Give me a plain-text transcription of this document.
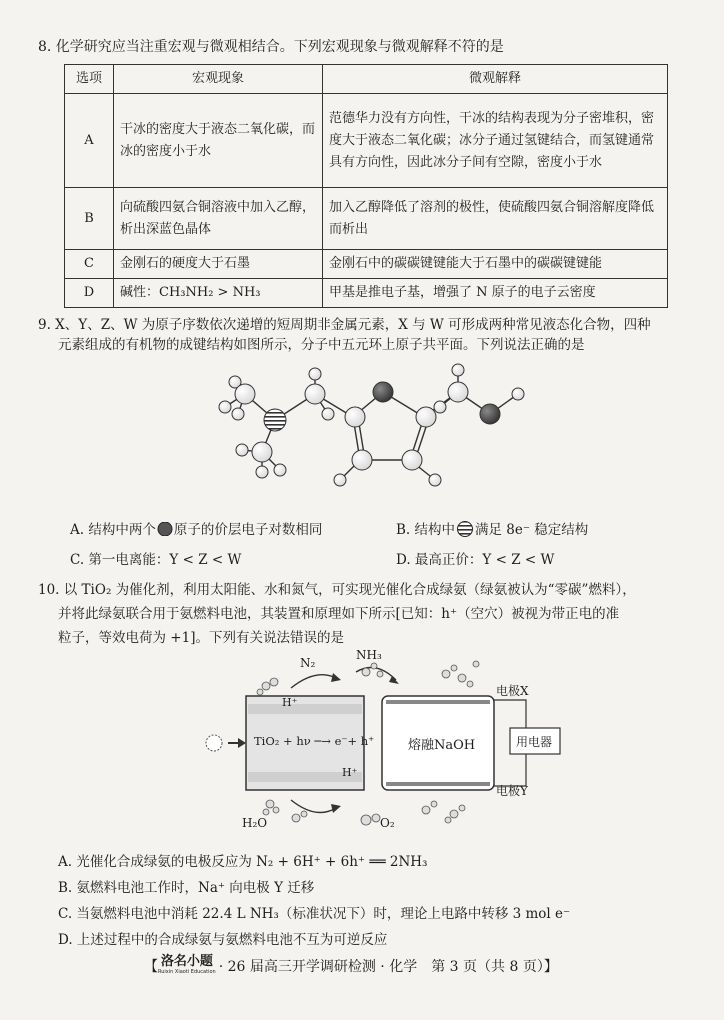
8. 化学研究应当注重宏观与微观相结合。下列宏观现象与微观解释不符的是
选项	宏观现象	微观解释
A	干冰的密度大于液态二氧化碳，而冰的密度小于水	范德华力没有方向性，干冰的结构表现为分子密堆积，密度大于液态二氧化碳；冰分子通过氢键结合，而氢键通常具有方向性，因此冰分子间有空隙，密度小于水
B	向硫酸四氨合铜溶液中加入乙醇，析出深蓝色晶体	加入乙醇降低了溶剂的极性，使硫酸四氨合铜溶解度降低而析出
C	金刚石的硬度大于石墨	金刚石中的碳碳键键能大于石墨中的碳碳键键能
D	碱性：CH₃NH₂ > NH₃	甲基是推电子基，增强了 N 原子的电子云密度
9. X、Y、Z、W 为原子序数依次递增的短周期非金属元素，X 与 W 可形成两种常见液态化合物，四种
元素组成的有机物的成键结构如图所示，分子中五元环上原子共平面。下列说法正确的是
A. 结构中两个 原子的价层电子对数相同	B. 结构中 满足 8e⁻ 稳定结构
C. 第一电离能：Y < Z < W	D. 最高正价：Y < Z < W
10. 以 TiO₂ 为催化剂，利用太阳能、水和氮气，可实现光催化合成绿氨（绿氨被认为“零碳”燃料），
并将此绿氨联合用于氨燃料电池，其装置和原理如下所示[已知：h⁺（空穴）被视为带正电的准
粒子，等效电荷为 +1]。下列有关说法错误的是
N₂
NH₃
H⁺
TiO₂ + hν ─→ e⁻+ h⁺
H⁺
熔融NaOH
电极X
电极Y
用电器
H₂O	O₂
A. 光催化合成绿氨的电极反应为 N₂ + 6H⁺ + 6h⁺ ══ 2NH₃
B. 氨燃料电池工作时，Na⁺ 向电极 Y 迁移
C. 当氨燃料电池中消耗 22.4 L NH₃（标准状况下）时，理论上电路中转移 3 mol e⁻
D. 上述过程中的合成绿氨与氨燃料电池不互为可逆反应
【 洛名小题
Ruixin Xiaoti Education · 26 届高三开学调研检测 · 化学　第 3 页（共 8 页）】
